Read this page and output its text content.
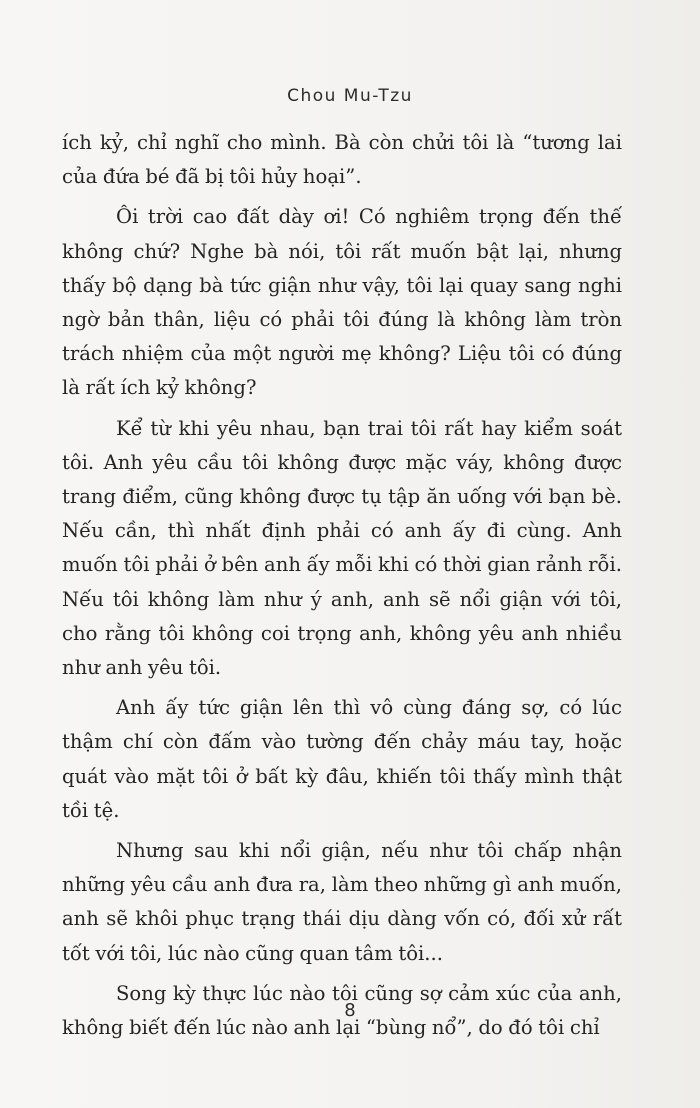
Chou Mu-Tzu

ích kỷ, chỉ nghĩ cho mình. Bà còn chửi tôi là “tương lai của đứa bé đã bị tôi hủy hoại”.

Ôi trời cao đất dày ơi! Có nghiêm trọng đến thế không chứ? Nghe bà nói, tôi rất muốn bật lại, nhưng thấy bộ dạng bà tức giận như vậy, tôi lại quay sang nghi ngờ bản thân, liệu có phải tôi đúng là không làm tròn trách nhiệm của một người mẹ không? Liệu tôi có đúng là rất ích kỷ không?

Kể từ khi yêu nhau, bạn trai tôi rất hay kiểm soát tôi. Anh yêu cầu tôi không được mặc váy, không được trang điểm, cũng không được tụ tập ăn uống với bạn bè. Nếu cần, thì nhất định phải có anh ấy đi cùng. Anh muốn tôi phải ở bên anh ấy mỗi khi có thời gian rảnh rỗi. Nếu tôi không làm như ý anh, anh sẽ nổi giận với tôi, cho rằng tôi không coi trọng anh, không yêu anh nhiều như anh yêu tôi.

Anh ấy tức giận lên thì vô cùng đáng sợ, có lúc thậm chí còn đấm vào tường đến chảy máu tay, hoặc quát vào mặt tôi ở bất kỳ đâu, khiến tôi thấy mình thật tồi tệ.

Nhưng sau khi nổi giận, nếu như tôi chấp nhận những yêu cầu anh đưa ra, làm theo những gì anh muốn, anh sẽ khôi phục trạng thái dịu dàng vốn có, đối xử rất tốt với tôi, lúc nào cũng quan tâm tôi...

Song kỳ thực lúc nào tôi cũng sợ cảm xúc của anh, không biết đến lúc nào anh lại “bùng nổ”, do đó tôi chỉ

8
